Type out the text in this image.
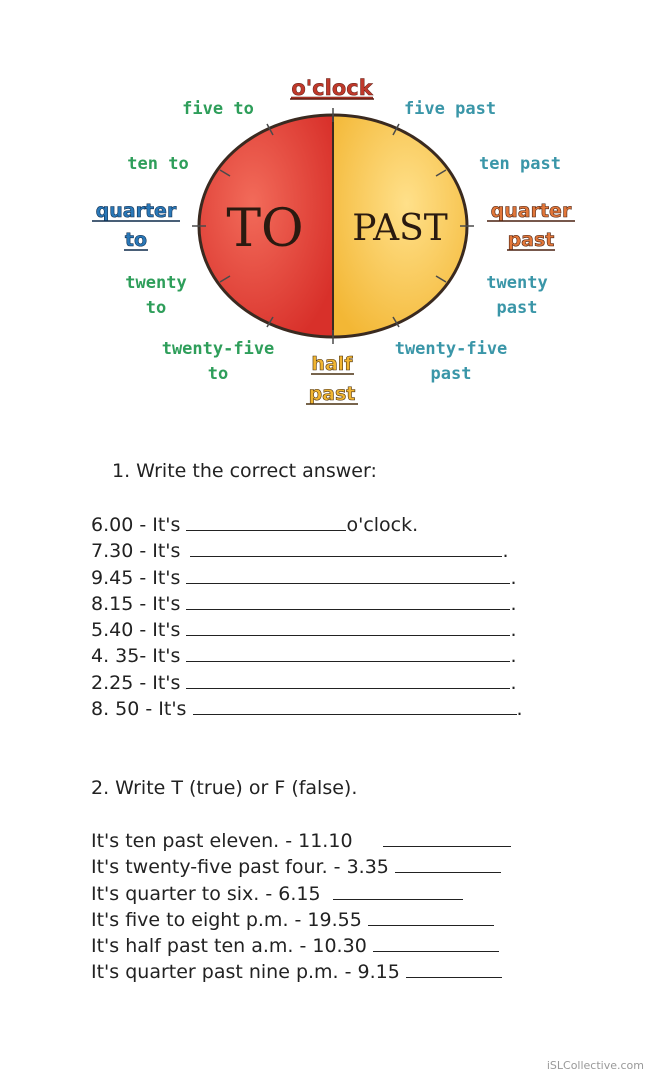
TO PAST
o'clock
five to
ten to
twenty
to
twenty-five
to
quarter
to
five past
ten past
twenty
past
twenty-five
past
quarter
past
half
past
1. Write the correct answer:
6.00 - It's	o'clock.
7.30 - It's	.
9.45 - It's	.
8.15 - It's	.
5.40 - It's	.
4. 35- It's	.
2.25 - It's	.
8. 50 - It's	.
2. Write T (true) or F (false).
It's ten past eleven. - 11.10
It's twenty-five past four. - 3.35
It's quarter to six. - 6.15
It's five to eight p.m. - 19.55
It's half past ten a.m. - 10.30
It's quarter past nine p.m. - 9.15
iSLCollective.com
